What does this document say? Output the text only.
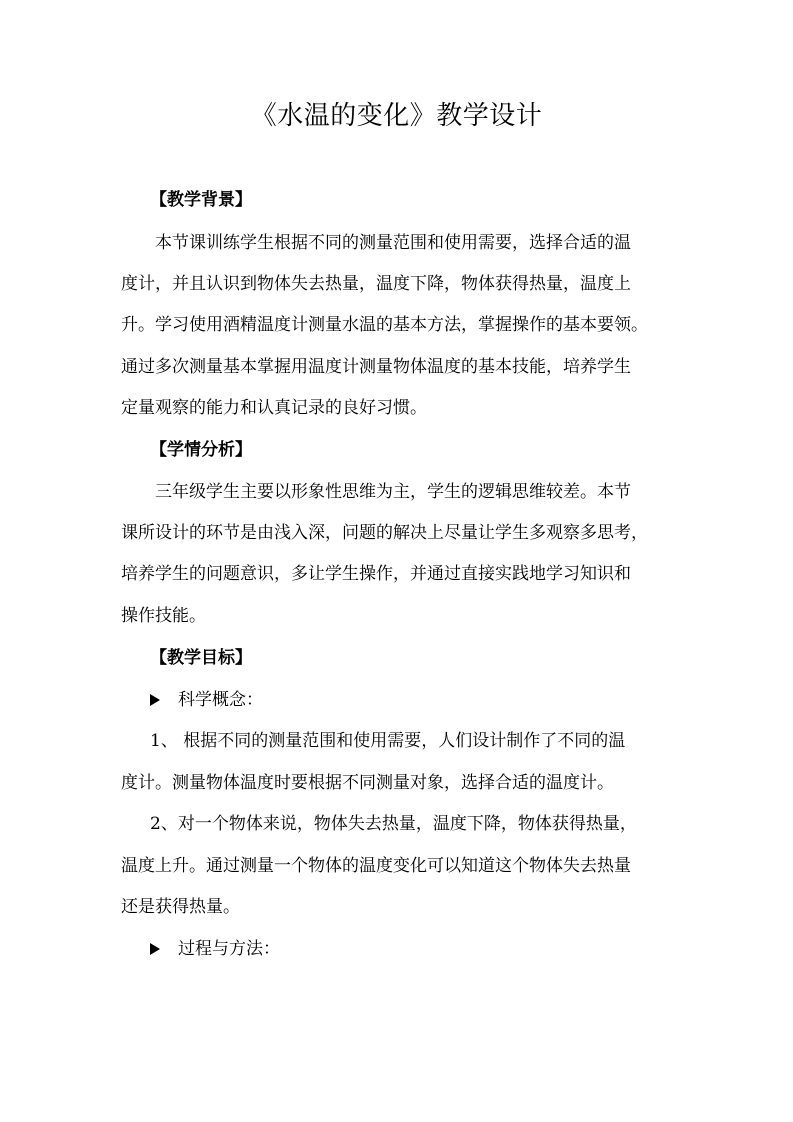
《水温的变化》教学设计
【教学背景】
本节课训练学生根据不同的测量范围和使用需要，选择合适的温
度计，并且认识到物体失去热量，温度下降，物体获得热量，温度上
升。学习使用酒精温度计测量水温的基本方法，掌握操作的基本要领。
通过多次测量基本掌握用温度计测量物体温度的基本技能，培养学生
定量观察的能力和认真记录的良好习惯。
【学情分析】
三年级学生主要以形象性思维为主，学生的逻辑思维较差。本节
课所设计的环节是由浅入深，问题的解决上尽量让学生多观察多思考，
培养学生的问题意识，多让学生操作，并通过直接实践地学习知识和
操作技能。
【教学目标】
科学概念：
1、 根据不同的测量范围和使用需要，人们设计制作了不同的温
度计。测量物体温度时要根据不同测量对象，选择合适的温度计。
2、对一个物体来说，物体失去热量，温度下降，物体获得热量，
温度上升。通过测量一个物体的温度变化可以知道这个物体失去热量
还是获得热量。
过程与方法：
